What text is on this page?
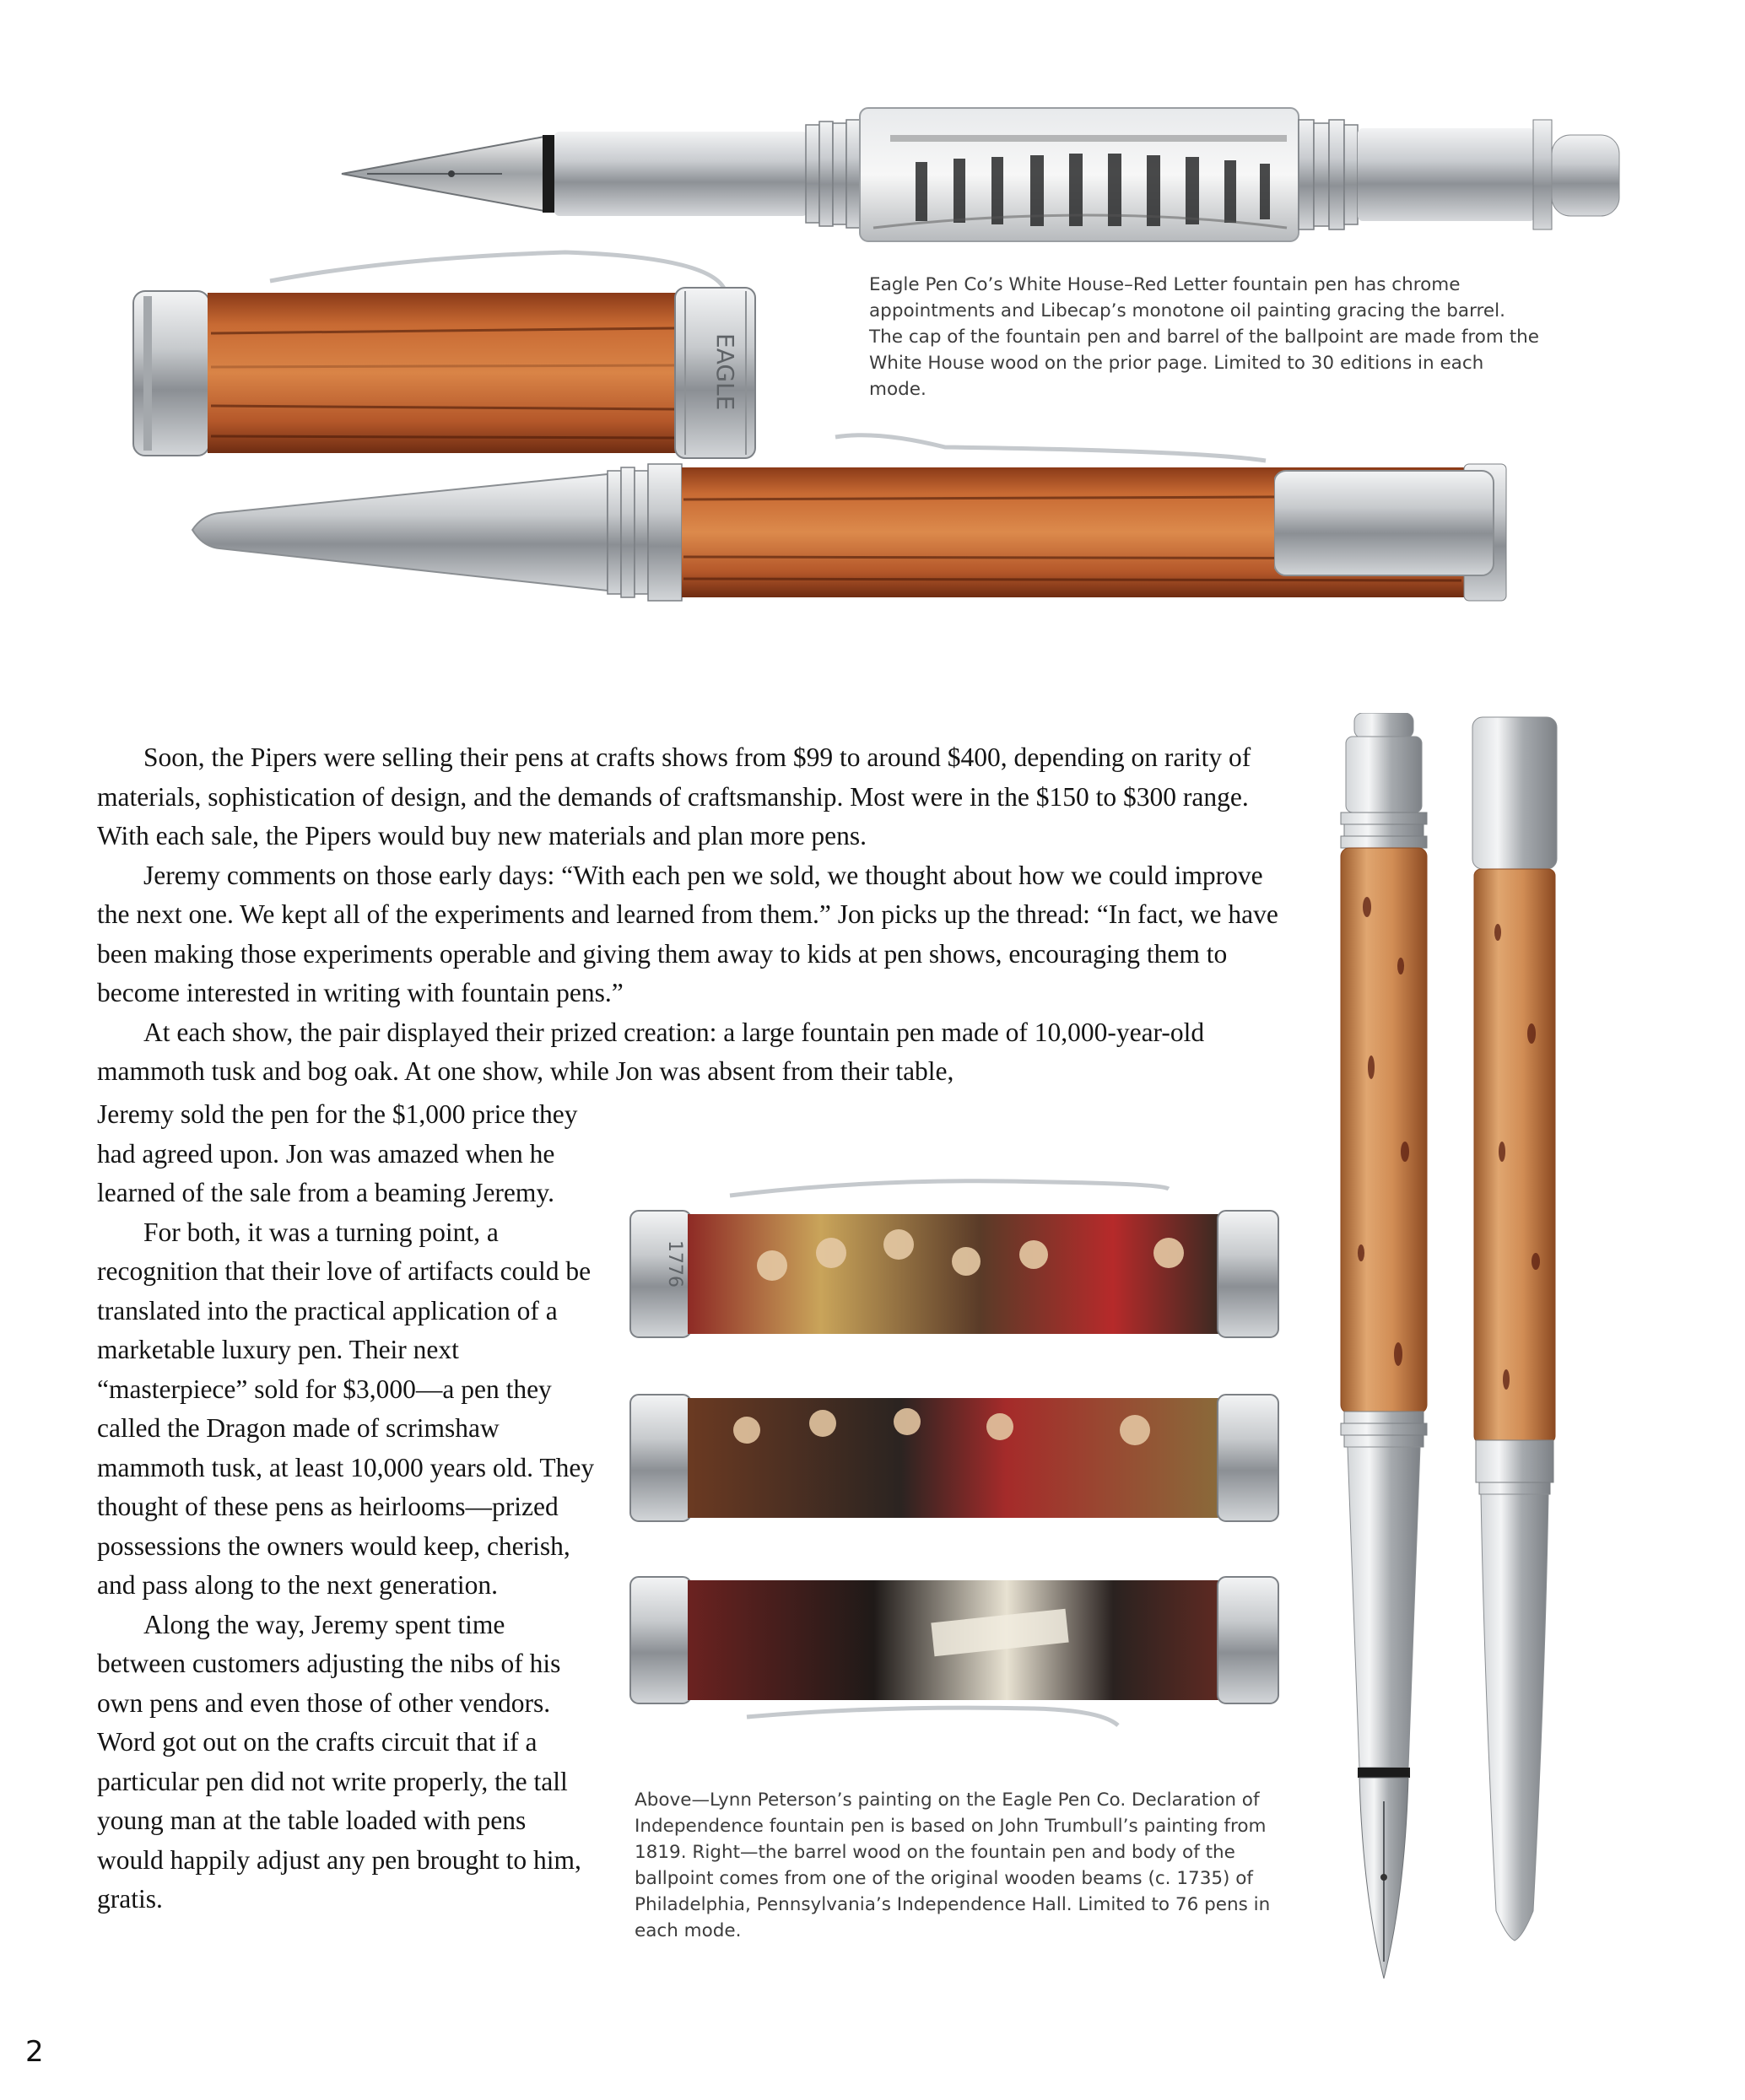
EAGLE
Eagle Pen Co’s White House–Red Letter fountain pen has chrome appointments and Libecap’s monotone oil painting gracing the barrel. The cap of the fountain pen and barrel of the ballpoint are made from the White House wood on the prior page. Limited to 30 editions in each mode.

Soon, the Pipers were selling their pens at crafts shows from $99 to around $400, depending on rarity of materials, sophistication of design, and the demands of craftsmanship. Most were in the $150 to $300 range. With each sale, the Pipers would buy new materials and plan more pens.

Jeremy comments on those early days: “With each pen we sold, we thought about how we could improve the next one. We kept all of the experiments and learned from them.” Jon picks up the thread: “In fact, we have been making those experiments operable and giving them away to kids at pen shows, encouraging them to become interested in writing with fountain pens.”

At each show, the pair displayed their prized creation: a large fountain pen made of 10,000-year-old mammoth tusk and bog oak. At one show, while Jon was absent from their table,

Jeremy sold the pen for the $1,000 price they had agreed upon. Jon was amazed when he learned of the sale from a beaming Jeremy.

For both, it was a turning point, a recognition that their love of artifacts could be translated into the practical application of a marketable luxury pen. Their next “masterpiece” sold for $3,000—a pen they called the Dragon made of scrimshaw mammoth tusk, at least 10,000 years old. They thought of these pens as heirlooms—prized possessions the owners would keep, cherish, and pass along to the next generation.

Along the way, Jeremy spent time between customers adjusting the nibs of his own pens and even those of other vendors. Word got out on the crafts circuit that if a particular pen did not write properly, the tall young man at the table loaded with pens would happily adjust any pen brought to him, gratis.

1776
Above—Lynn Peterson’s painting on the Eagle Pen Co. Declaration of Independence fountain pen is based on John Trumbull’s painting from 1819. Right—the barrel wood on the fountain pen and body of the ballpoint comes from one of the original wooden beams (c. 1735) of Philadelphia, Pennsylvania’s Independence Hall. Limited to 76 pens in each mode.
2
